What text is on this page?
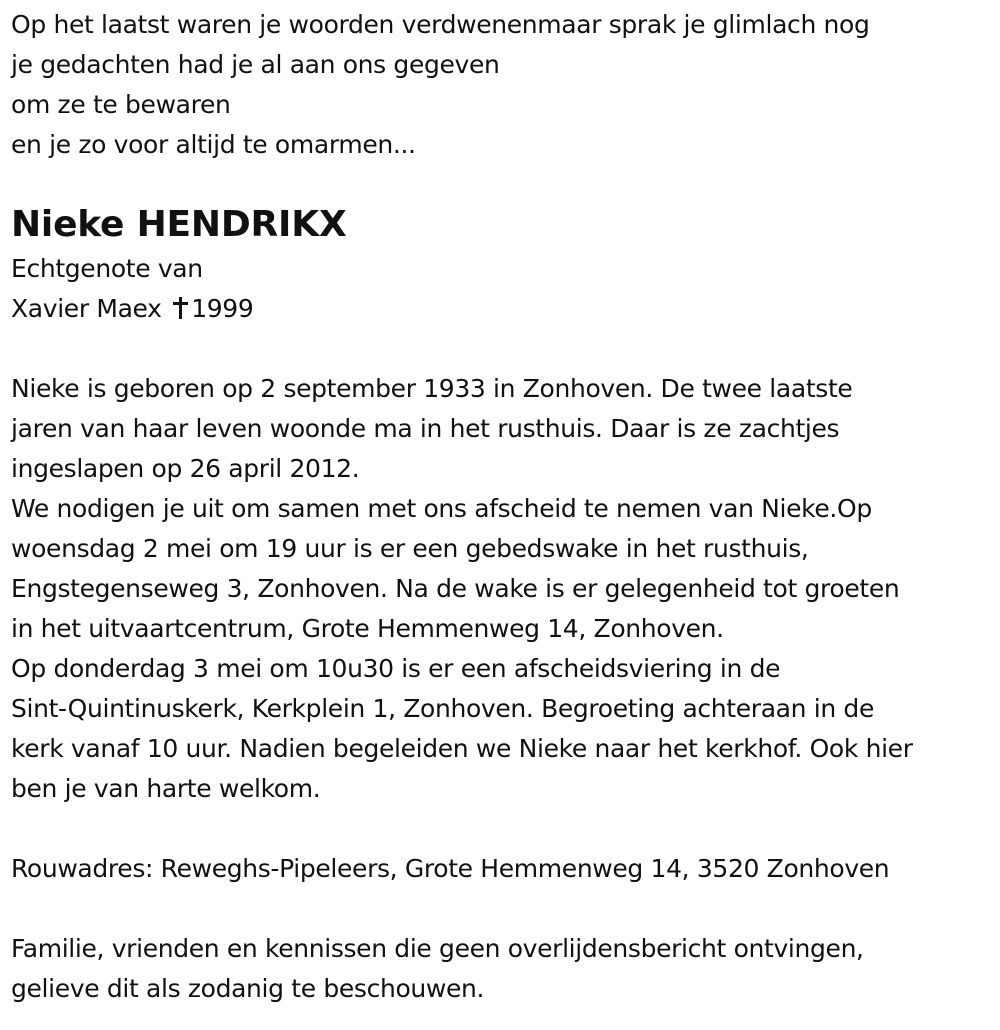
Op het laatst waren je woorden verdwenenmaar sprak je glimlach nog
je gedachten had je al aan ons gegeven
om ze te bewaren
en je zo voor altijd te omarmen...
Nieke HENDRIKX
Echtgenote van
Xavier Maex 1999
Nieke is geboren op 2 september 1933 in Zonhoven. De twee laatste
jaren van haar leven woonde ma in het rusthuis. Daar is ze zachtjes
ingeslapen op 26 april 2012.
We nodigen je uit om samen met ons afscheid te nemen van Nieke.Op
woensdag 2 mei om 19 uur is er een gebedswake in het rusthuis,
Engstegenseweg 3, Zonhoven. Na de wake is er gelegenheid tot groeten
in het uitvaartcentrum, Grote Hemmenweg 14, Zonhoven.
Op donderdag 3 mei om 10u30 is er een afscheidsviering in de
Sint-Quintinuskerk, Kerkplein 1, Zonhoven. Begroeting achteraan in de
kerk vanaf 10 uur. Nadien begeleiden we Nieke naar het kerkhof. Ook hier
ben je van harte welkom.
Rouwadres: Reweghs-Pipeleers, Grote Hemmenweg 14, 3520 Zonhoven
Familie, vrienden en kennissen die geen overlijdensbericht ontvingen,
gelieve dit als zodanig te beschouwen.
